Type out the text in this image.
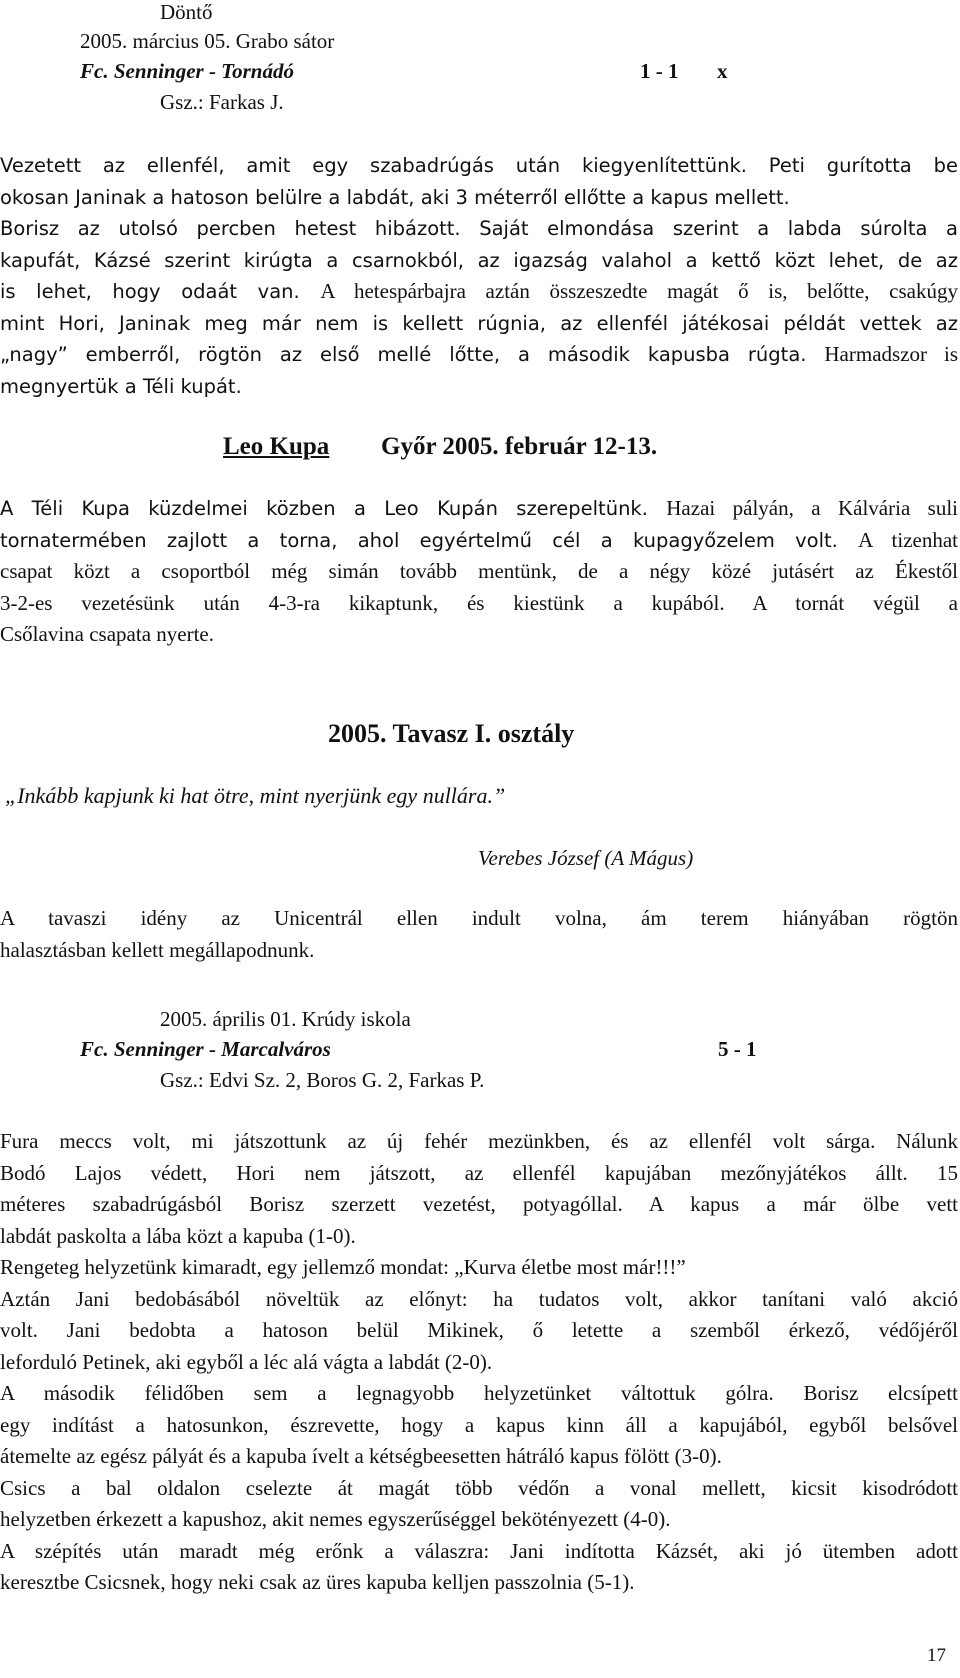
Döntő
2005. március 05. Grabo sátor
Fc. Senninger - Tornádó	1 - 1 x
Gsz.: Farkas J.
Vezetett az ellenfél, amit egy szabadrúgás után kiegyenlítettünk. Peti gurította be
okosan Janinak a hatoson belülre a labdát, aki 3 méterről ellőtte a kapus mellett.
Borisz az utolsó percben hetest hibázott. Saját elmondása szerint a labda súrolta a
kapufát, Kázsé szerint kirúgta a csarnokból, az igazság valahol a kettő közt lehet, de az
is lehet, hogy odaát van. A hetespárbajra aztán összeszedte magát ő is, belőtte, csakúgy
mint Hori, Janinak meg már nem is kellett rúgnia, az ellenfél játékosai példát vettek az
„nagy” emberről, rögtön az első mellé lőtte, a második kapusba rúgta. Harmadszor is
megnyertük a Téli kupát.
Leo Kupa Győr 2005. február 12-13.
A Téli Kupa küzdelmei közben a Leo Kupán szerepeltünk. Hazai pályán, a Kálvária suli
tornatermében zajlott a torna, ahol egyértelmű cél a kupagyőzelem volt. A tizenhat
csapat közt a csoportból még simán tovább mentünk, de a négy közé jutásért az Ékestől
3-2-es vezetésünk után 4-3-ra kikaptunk, és kiestünk a kupából. A tornát végül a
Csőlavina csapata nyerte.
2005. Tavasz I. osztály
„Inkább kapjunk ki hat ötre, mint nyerjünk egy nullára.”
Verebes József (A Mágus)
A tavaszi idény az Unicentrál ellen indult volna, ám terem hiányában rögtön
halasztásban kellett megállapodnunk.
2005. április 01. Krúdy iskola
Fc. Senninger - Marcalváros	5 - 1
Gsz.: Edvi Sz. 2, Boros G. 2, Farkas P.
Fura meccs volt, mi játszottunk az új fehér mezünkben, és az ellenfél volt sárga. Nálunk
Bodó Lajos védett, Hori nem játszott, az ellenfél kapujában mezőnyjátékos állt. 15
méteres szabadrúgásból Borisz szerzett vezetést, potyagóllal. A kapus a már ölbe vett
labdát paskolta a lába közt a kapuba (1-0).
Rengeteg helyzetünk kimaradt, egy jellemző mondat: „Kurva életbe most már!!!”
Aztán Jani bedobásából növeltük az előnyt: ha tudatos volt, akkor tanítani való akció
volt. Jani bedobta a hatoson belül Mikinek, ő letette a szemből érkező, védőjéről
leforduló Petinek, aki egyből a léc alá vágta a labdát (2-0).
A második félidőben sem a legnagyobb helyzetünket váltottuk gólra. Borisz elcsípett
egy indítást a hatosunkon, észrevette, hogy a kapus kinn áll a kapujából, egyből belsővel
átemelte az egész pályát és a kapuba ívelt a kétségbeesetten hátráló kapus fölött (3-0).
Csics a bal oldalon cselezte át magát több védőn a vonal mellett, kicsit kisodródott
helyzetben érkezett a kapushoz, akit nemes egyszerűséggel bekötényezett (4-0).
A szépítés után maradt még erőnk a válaszra: Jani indította Kázsét, aki jó ütemben adott
keresztbe Csicsnek, hogy neki csak az üres kapuba kelljen passzolnia (5-1).
17
